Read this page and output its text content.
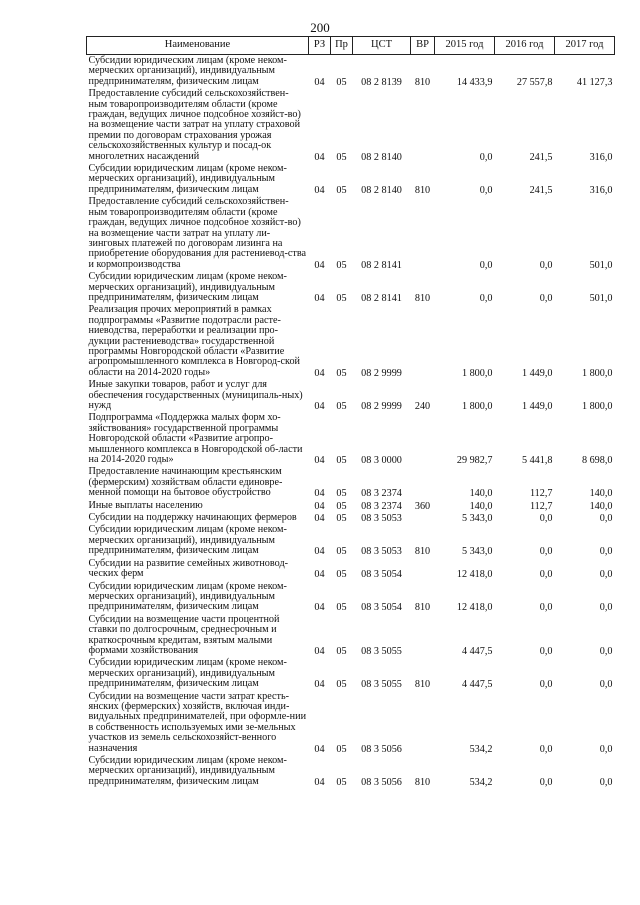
200
Наименование	РЗ	Пр	ЦСТ	ВР	2015 год	2016 год	2017 год
Субсидии юридическим лицам (кроме неком-мерческих организаций), индивидуальным предпринимателям, физическим лицам	04	05	08 2 8139	810	14 433,9	27 557,8	41 127,3
Предоставление субсидий сельскохозяйствен-ным товаропроизводителям области (кроме граждан, ведущих личное подсобное хозяйст-во) на возмещение части затрат на уплату страховой премии по договорам страхования урожая сельскохозяйственных культур и посад-ок многолетних насаждений	04	05	08 2 8140		0,0	241,5	316,0
Субсидии юридическим лицам (кроме неком-мерческих организаций), индивидуальным предпринимателям, физическим лицам	04	05	08 2 8140	810	0,0	241,5	316,0
Предоставление субсидий сельскохозяйствен-ным товаропроизводителям области (кроме граждан, ведущих личное подсобное хозяйст-во) на возмещение части затрат на уплату ли-зинговых платежей по договорам лизинга на приобретение оборудования для растениевод-ства и кормопроизводства	04	05	08 2 8141		0,0	0,0	501,0
Субсидии юридическим лицам (кроме неком-мерческих организаций), индивидуальным предпринимателям, физическим лицам	04	05	08 2 8141	810	0,0	0,0	501,0
Реализация прочих мероприятий в рамках подпрограммы «Развитие подотрасли расте-ниеводства, переработки и реализации про-дукции растениеводства» государственной программы Новгородской области «Развитие агропромышленного комплекса в Новгород-ской области на 2014-2020 годы»	04	05	08 2 9999		1 800,0	1 449,0	1 800,0
Иные закупки товаров, работ и услуг для обеспечения государственных (муниципаль-ных) нужд	04	05	08 2 9999	240	1 800,0	1 449,0	1 800,0
Подпрограмма «Поддержка малых форм хо-зяйствования» государственной программы Новгородской области «Развитие агропро-мышленного комплекса в Новгородской об-ласти на 2014-2020 годы»	04	05	08 3 0000		29 982,7	5 441,8	8 698,0
Предоставление начинающим крестьянским (фермерским) хозяйствам области единовре-менной помощи на бытовое обустройство	04	05	08 3 2374		140,0	112,7	140,0
Иные выплаты населению	04	05	08 3 2374	360	140,0	112,7	140,0
Субсидии на поддержку начинающих фермеров	04	05	08 3 5053		5 343,0	0,0	0,0
Субсидии юридическим лицам (кроме неком-мерческих организаций), индивидуальным предпринимателям, физическим лицам	04	05	08 3 5053	810	5 343,0	0,0	0,0
Субсидии на развитие семейных животновод-ческих ферм	04	05	08 3 5054		12 418,0	0,0	0,0
Субсидии юридическим лицам (кроме неком-мерческих организаций), индивидуальным предпринимателям, физическим лицам	04	05	08 3 5054	810	12 418,0	0,0	0,0
Субсидии на возмещение части процентной ставки по долгосрочным, среднесрочным и краткосрочным кредитам, взятым малыми формами хозяйствования	04	05	08 3 5055		4 447,5	0,0	0,0
Субсидии юридическим лицам (кроме неком-мерческих организаций), индивидуальным предпринимателям, физическим лицам	04	05	08 3 5055	810	4 447,5	0,0	0,0
Субсидии на возмещение части затрат кресть-янских (фермерских) хозяйств, включая инди-видуальных предпринимателей, при оформле-нии в собственность используемых ими зе-мельных участков из земель сельскохозяйст-венного назначения	04	05	08 3 5056		534,2	0,0	0,0
Субсидии юридическим лицам (кроме неком-мерческих организаций), индивидуальным предпринимателям, физическим лицам	04	05	08 3 5056	810	534,2	0,0	0,0
